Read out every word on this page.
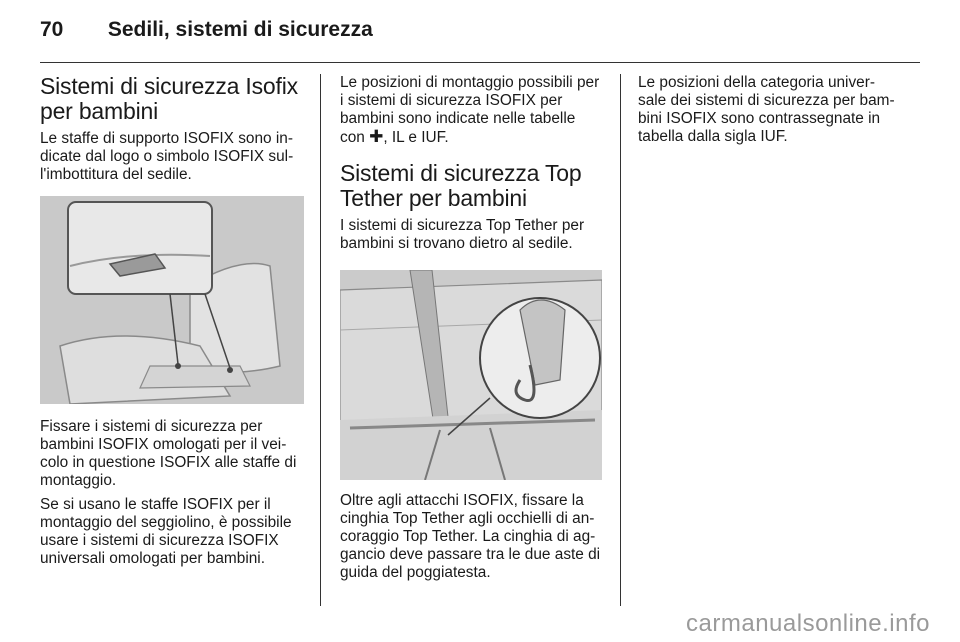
70 Sedili, sistemi di sicurezza
Sistemi di sicurezza Isofix per bambini

Le staffe di supporto ISOFIX sono in- dicate dal logo o simbolo ISOFIX sul- l'imbottitura del sedile.

Fissare i sistemi di sicurezza per bambini ISOFIX omologati per il vei- colo in questione ISOFIX alle staffe di montaggio.

Se si usano le staffe ISOFIX per il montaggio del seggiolino, è possibile usare i sistemi di sicurezza ISOFIX universali omologati per bambini.

Le posizioni di montaggio possibili per i sistemi di sicurezza ISOFIX per bambini sono indicate nelle tabelle con ✚, IL e IUF.

Sistemi di sicurezza Top Tether per bambini

I sistemi di sicurezza Top Tether per bambini si trovano dietro al sedile.

Oltre agli attacchi ISOFIX, fissare la cinghia Top Tether agli occhielli di an- coraggio Top Tether. La cinghia di ag- gancio deve passare tra le due aste di guida del poggiatesta.

Le posizioni della categoria univer- sale dei sistemi di sicurezza per bam- bini ISOFIX sono contrassegnate in tabella dalla sigla IUF.

carmanualsonline.info
